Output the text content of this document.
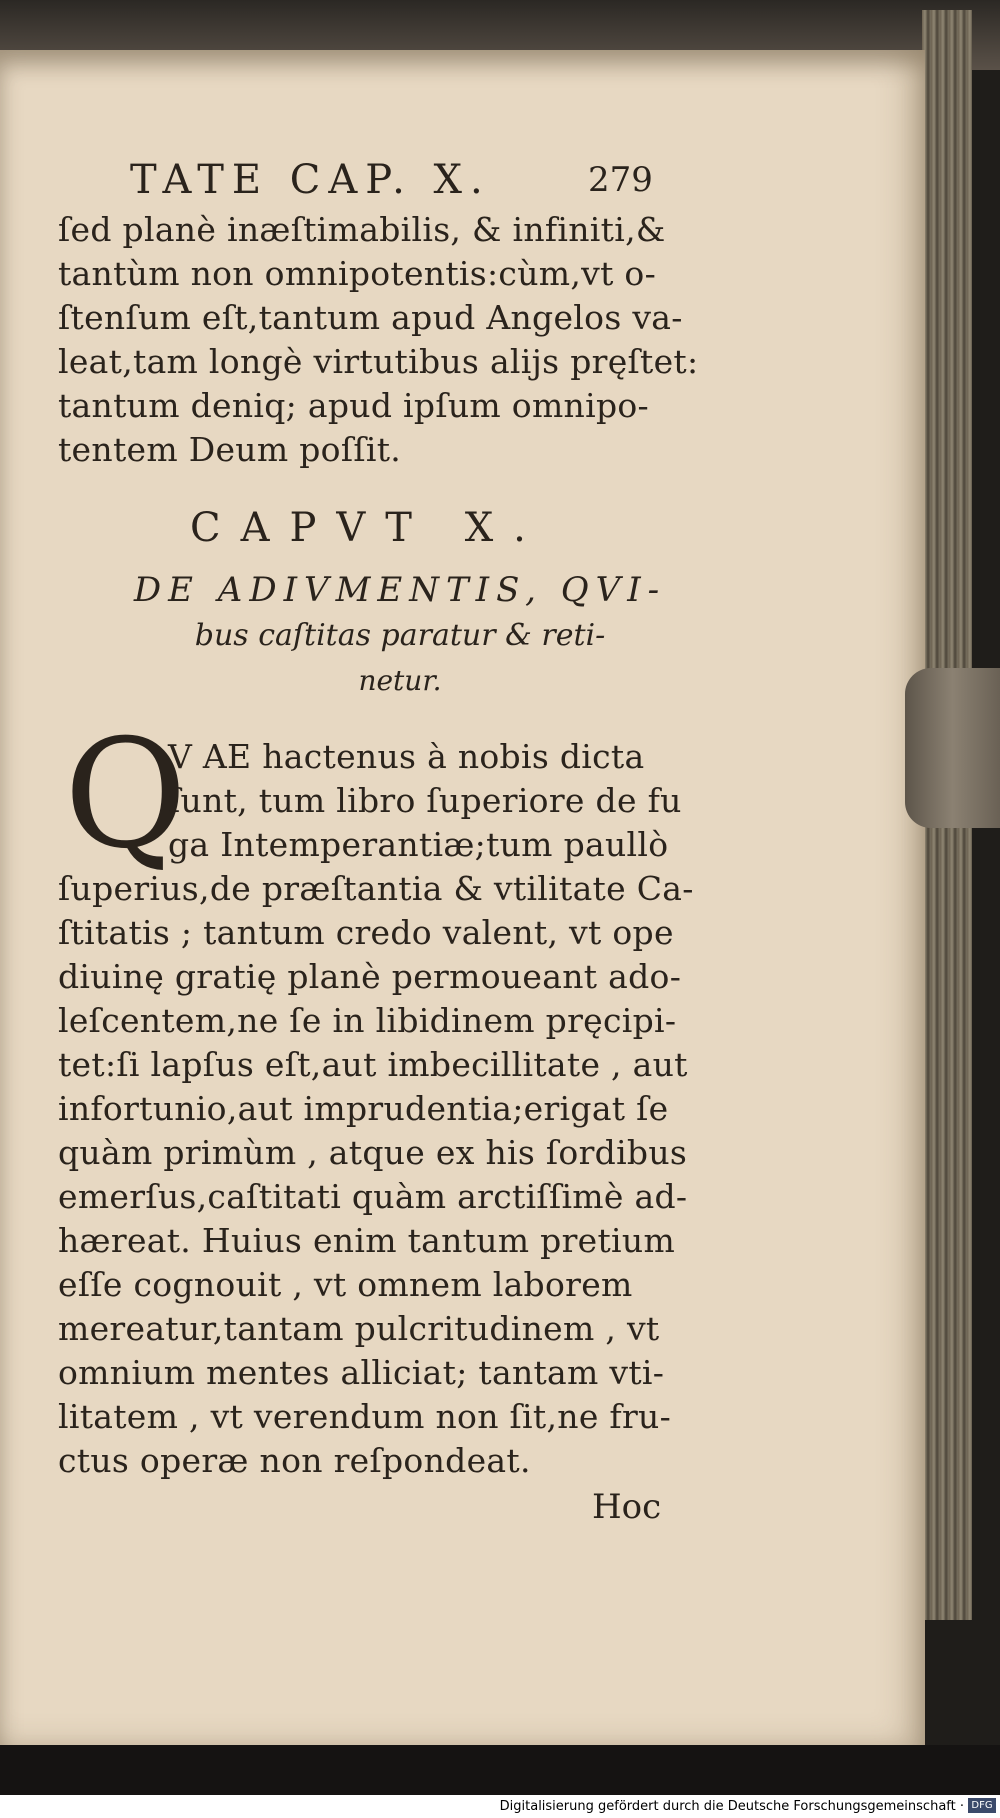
TATE CAP. X.	279
ſed planè inæſtimabilis, & infiniti,&
tantùm non omnipotentis:cùm,vt o-
ſtenſum eſt,tantum apud Angelos va-
leat,tam longè virtutibus alijs pręſtet:
tantum deniq; apud ipſum omnipo-
tentem Deum poſſit.
CAPVT X.
DE ADIVMENTIS, QVI-
bus caſtitas paratur & reti-
netur.
Q
V AE hactenus à nobis dicta
ſunt, tum libro ſuperiore de fu
ga Intemperantiæ;tum paullò
ſuperius,de præſtantia & vtilitate Ca-
ſtitatis ; tantum credo valent, vt ope
diuinę gratię planè permoueant ado-
leſcentem,ne ſe in libidinem pręcipi-
tet:ſi lapſus eſt,aut imbecillitate , aut
infortunio,aut imprudentia;erigat ſe
quàm primùm , atque ex his ſordibus
emerſus,caſtitati quàm arctiſſimè ad-
hæreat. Huius enim tantum pretium
eſſe cognouit , vt omnem laborem
mereatur,tantam pulcritudinem , vt
omnium mentes alliciat; tantam vti-
litatem , vt verendum non ſit,ne fru-
ctus operæ non reſpondeat.
Hoc
Digitalisierung gefördert durch die Deutsche Forschungsgemeinschaft · DFG
